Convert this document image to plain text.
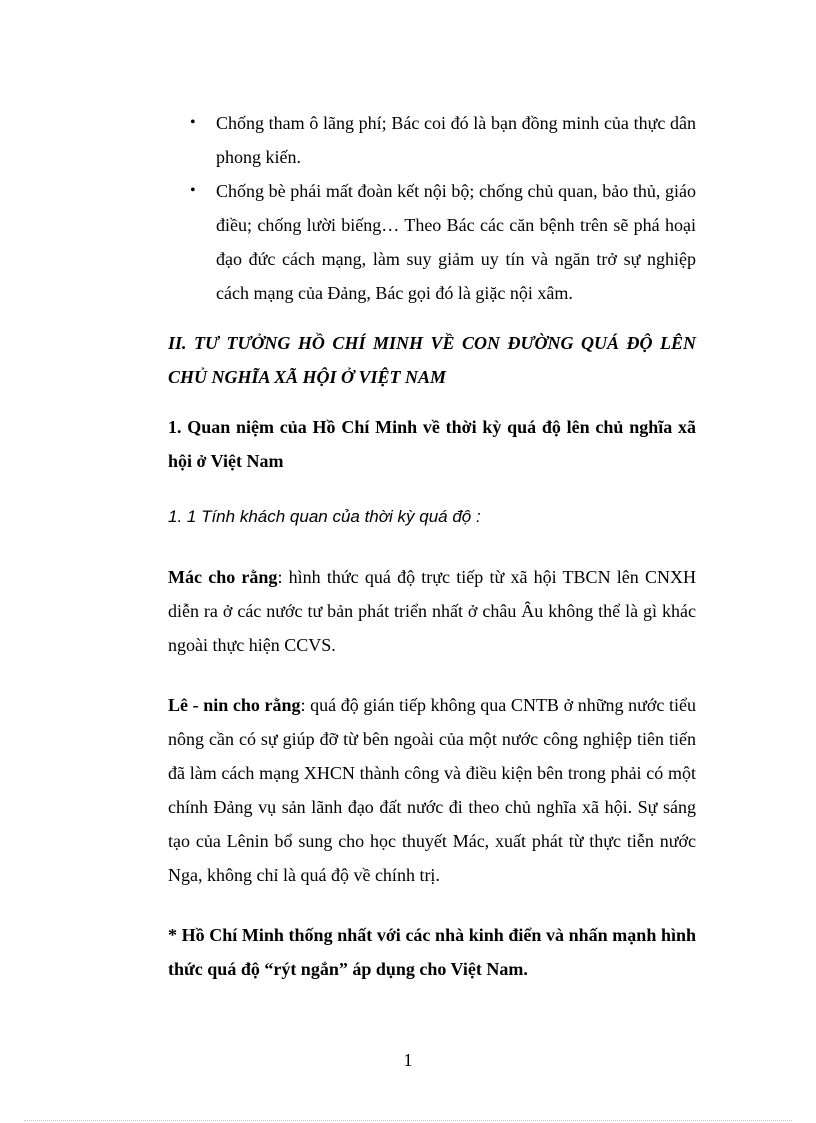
• Chống tham ô lãng phí; Bác coi đó là bạn đồng minh của thực dân phong kiến.
• Chống bè phái mất đoàn kết nội bộ; chống chủ quan, bảo thủ, giáo điều; chống lười biếng… Theo Bác các căn bệnh trên sẽ phá hoại đạo đức cách mạng, làm suy giảm uy tín và ngăn trở sự nghiệp cách mạng của Đảng, Bác gọi đó là giặc nội xâm.
II. TƯ TƯỞNG HỒ CHÍ MINH VỀ CON ĐƯỜNG QUÁ ĐỘ LÊN CHỦ NGHĨA XÃ HỘI Ở VIỆT NAM
1. Quan niệm của Hồ Chí Minh về thời kỳ quá độ lên chủ nghĩa xã hội ở Việt Nam
1. 1 Tính khách quan của thời kỳ quá độ :

Mác cho rằng: hình thức quá độ trực tiếp từ xã hội TBCN lên CNXH diễn ra ở các nước tư bản phát triển nhất ở châu Âu không thể là gì khác ngoài thực hiện CCVS.

Lê - nin cho rằng: quá độ gián tiếp không qua CNTB ở những nước tiểu nông cần có sự giúp đỡ từ bên ngoài của một nước công nghiệp tiên tiến đã làm cách mạng XHCN thành công và điều kiện bên trong phải có một chính Đảng vụ sản lãnh đạo đất nước đi theo chủ nghĩa xã hội. Sự sáng tạo của Lênin bổ sung cho học thuyết Mác, xuất phát từ thực tiễn nước Nga, không chỉ là quá độ về chính trị.

* Hồ Chí Minh thống nhất với các nhà kinh điển và nhấn mạnh hình thức quá độ “rýt ngắn” áp dụng cho Việt Nam.

1
